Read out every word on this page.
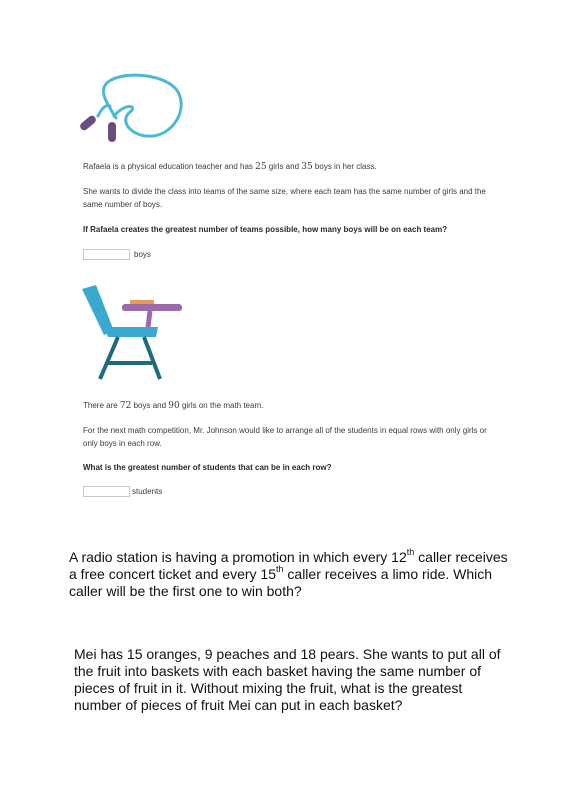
Rafaela is a physical education teacher and has 25 girls and 35 boys in her class.
She wants to divide the class into teams of the same size, where each team has the same number of girls and the same number of boys.
If Rafaela creates the greatest number of teams possible, how many boys will be on each team?
boys
There are 72 boys and 90 girls on the math team.
For the next math competition, Mr. Johnson would like to arrange all of the students in equal rows with only girls or only boys in each row.
What is the greatest number of students that can be in each row?
students
A radio station is having a promotion in which every 12th caller receives a free concert ticket and every 15th caller receives a limo ride. Which caller will be the first one to win both?
Mei has 15 oranges, 9 peaches and 18 pears. She wants to put all of the fruit into baskets with each basket having the same number of pieces of fruit in it. Without mixing the fruit, what is the greatest number of pieces of fruit Mei can put in each basket?
